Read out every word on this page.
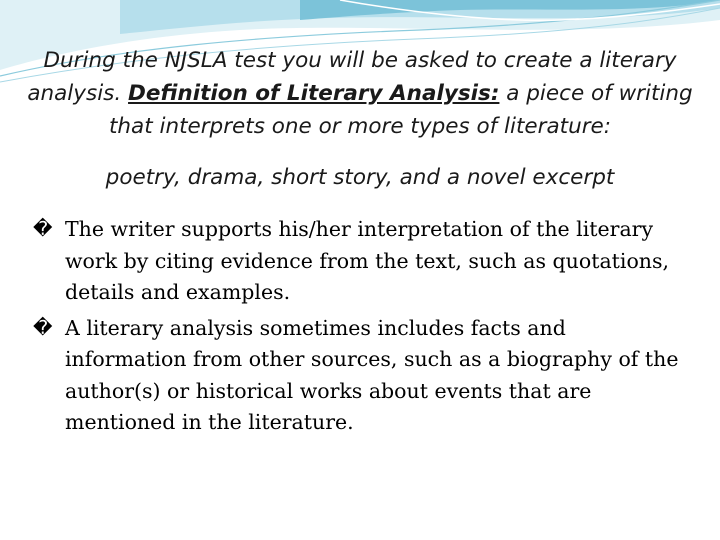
During the NJSLA test you will be asked to create a literary analysis. Definition of Literary Analysis: a piece of writing that interprets one or more types of literature:
poetry, drama, short story, and a novel excerpt
� The writer supports his/her interpretation of the literary work by citing evidence from the text, such as quotations, details and examples.
� A literary analysis sometimes includes facts and information from other sources, such as a biography of the author(s) or historical works about events that are mentioned in the literature.
